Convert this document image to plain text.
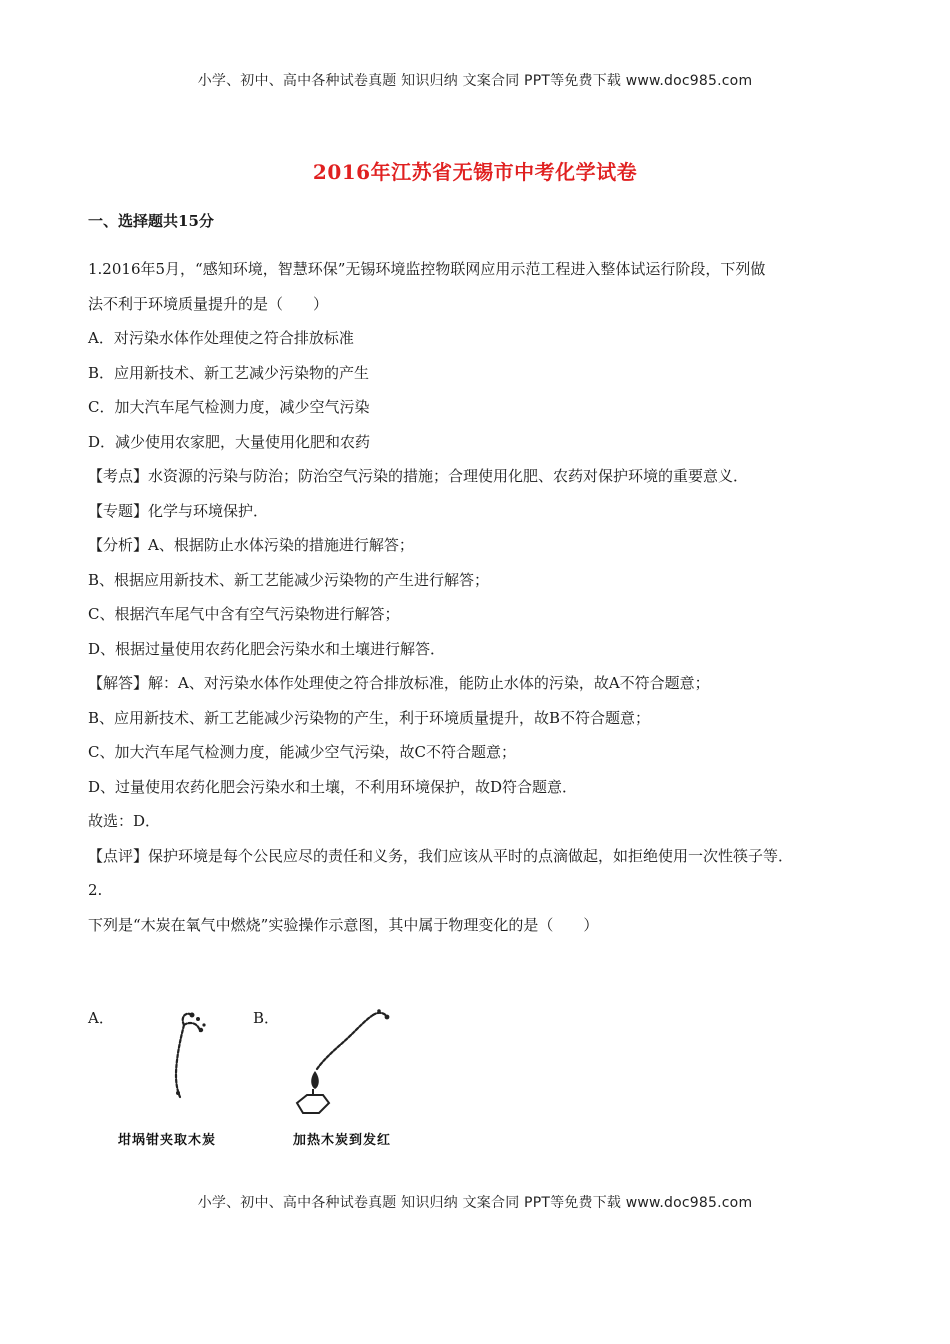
小学、初中、高中各种试卷真题 知识归纳 文案合同 PPT等免费下载 www.doc985.com
2016年江苏省无锡市中考化学试卷
一、选择题共15分

1.2016年5月，“感知环境，智慧环保”无锡环境监控物联网应用示范工程进入整体试运行阶段，下列做

法不利于环境质量提升的是（　　）

A．对污染水体作处理使之符合排放标准

B．应用新技术、新工艺减少污染物的产生

C．加大汽车尾气检测力度，减少空气污染

D．减少使用农家肥，大量使用化肥和农药

【考点】水资源的污染与防治；防治空气污染的措施；合理使用化肥、农药对保护环境的重要意义．

【专题】化学与环境保护．

【分析】A、根据防止水体污染的措施进行解答；

B、根据应用新技术、新工艺能减少污染物的产生进行解答；

C、根据汽车尾气中含有空气污染物进行解答；

D、根据过量使用农药化肥会污染水和土壤进行解答．

【解答】解：A、对污染水体作处理使之符合排放标准，能防止水体的污染，故A不符合题意；

B、应用新技术、新工艺能减少污染物的产生，利于环境质量提升，故B不符合题意；

C、加大汽车尾气检测力度，能减少空气污染，故C不符合题意；

D、过量使用农药化肥会污染水和土壤，不利用环境保护，故D符合题意．

故选：D．

【点评】保护环境是每个公民应尽的责任和义务，我们应该从平时的点滴做起，如拒绝使用一次性筷子等．

2.

下列是“木炭在氧气中燃烧”实验操作示意图，其中属于物理变化的是（　　）

A．
坩埚钳夹取木炭
B．
加热木炭到发红
小学、初中、高中各种试卷真题 知识归纳 文案合同 PPT等免费下载 www.doc985.com
